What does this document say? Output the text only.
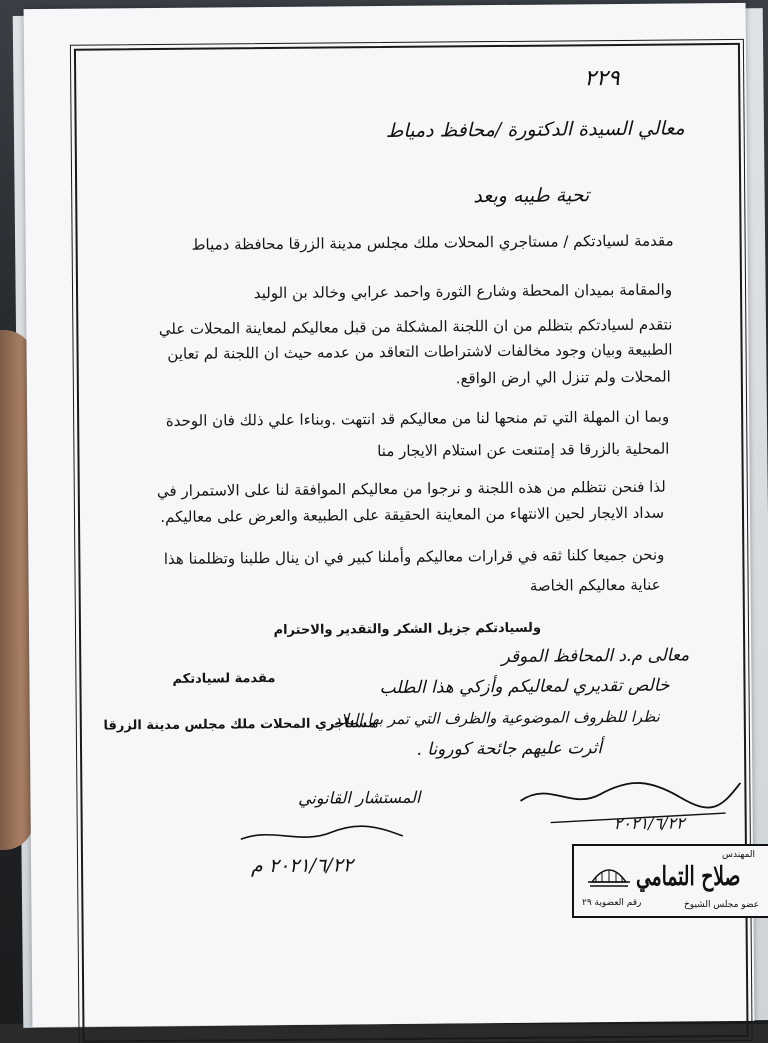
٢٢٩
معالي السيدة الدكتورة /محافظ دمياط
تحية طيبه وبعد
مقدمة لسيادتكم / مستاجري المحلات ملك مجلس مدينة الزرقا محافظة دمياط
والمقامة بميدان المحطة وشارع الثورة واحمد عرابي وخالد بن الوليد
نتقدم لسيادتكم بتظلم من ان اللجنة المشكلة من قبل معاليكم لمعاينة المحلات علي
الطبيعة وبيان وجود مخالفات لاشتراطات التعاقد من عدمه حيث ان اللجنة لم تعاين
المحلات ولم تنزل الي ارض الواقع.
وبما ان المهلة التي تم منحها لنا من معاليكم قد انتهت .وبناءا علي ذلك فان الوحدة
المحلية بالزرقا قد إمتنعت عن استلام الايجار منا
لذا فنحن نتظلم من هذه اللجنة و نرجوا من معاليكم الموافقة لنا على الاستمرار في
سداد الايجار لحين الانتهاء من المعاينة الحقيقة على الطبيعة والعرض على معاليكم.
ونحن جميعا كلنا ثقه في قرارات معاليكم وأملنا كبير في ان ينال طلبنا وتظلمنا هذا
عناية معاليكم الخاصة
ولسيادتكم جزيل الشكر والتقدير والاحترام
مقدمة لسيادتكم
مستاجري المحلات ملك مجلس مدينة الزرقا
معالى م.د المحافظ الموقر
خالص تقديري لمعاليكم وأزكي هذا الطلب
نظرا للظروف الموضوعية والظرف التي تمر بها البلاد
أثرت عليهم جائحة كورونا .
٢٠٢١/٦/٢٢
المستشار القانوني
٢٠٢١/٦/٢٢ م
رقم العضوية ٢٩
المهندس
صلاح التمامي
عضو مجلس الشيوخ
